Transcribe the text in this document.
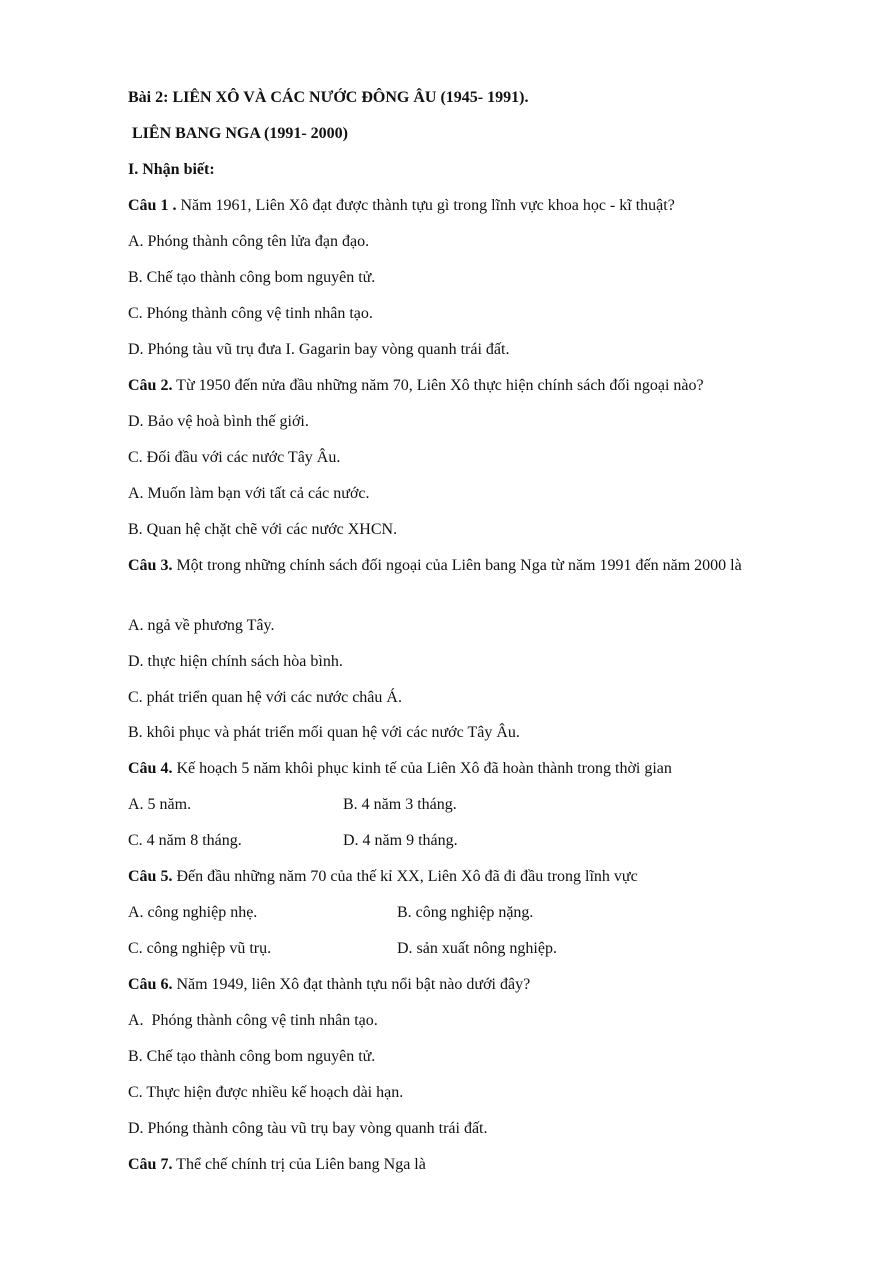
Bài 2: LIÊN XÔ VÀ CÁC NƯỚC ĐÔNG ÂU (1945- 1991).
LIÊN BANG NGA (1991- 2000)
I. Nhận biết:
Câu 1 . Năm 1961, Liên Xô đạt được thành tựu gì trong lĩnh vực khoa học - kĩ thuật?
A. Phóng thành công tên lửa đạn đạo.
B. Chế tạo thành công bom nguyên tử.
C. Phóng thành công vệ tinh nhân tạo.
D. Phóng tàu vũ trụ đưa I. Gagarin bay vòng quanh trái đất.
Câu 2. Từ 1950 đến nửa đầu những năm 70, Liên Xô thực hiện chính sách đối ngoại nào?
D. Bảo vệ hoà bình thế giới.
C. Đối đầu với các nước Tây Âu.
A. Muốn làm bạn với tất cả các nước.
B. Quan hệ chặt chẽ với các nước XHCN.
Câu 3. Một trong những chính sách đối ngoại của Liên bang Nga từ năm 1991 đến năm 2000 là
A. ngả về phương Tây.
D. thực hiện chính sách hòa bình.
C. phát triển quan hệ với các nước châu Á.
B. khôi phục và phát triển mối quan hệ với các nước Tây Âu.
Câu 4. Kế hoạch 5 năm khôi phục kinh tế của Liên Xô đã hoàn thành trong thời gian
A. 5 năm.	B. 4 năm 3 tháng.
C. 4 năm 8 tháng.	D. 4 năm 9 tháng.
Câu 5. Đến đầu những năm 70 của thế kỉ XX, Liên Xô đã đi đầu trong lĩnh vực
A. công nghiệp nhẹ.	B. công nghiệp nặng.
C. công nghiệp vũ trụ.	D. sản xuất nông nghiệp.
Câu 6. Năm 1949, liên Xô đạt thành tựu nổi bật nào dưới đây?
A.  Phóng thành công vệ tinh nhân tạo.
B. Chế tạo thành công bom nguyên tử.
C. Thực hiện được nhiều kế hoạch dài hạn.
D. Phóng thành công tàu vũ trụ bay vòng quanh trái đất.
Câu 7. Thể chế chính trị của Liên bang Nga là
